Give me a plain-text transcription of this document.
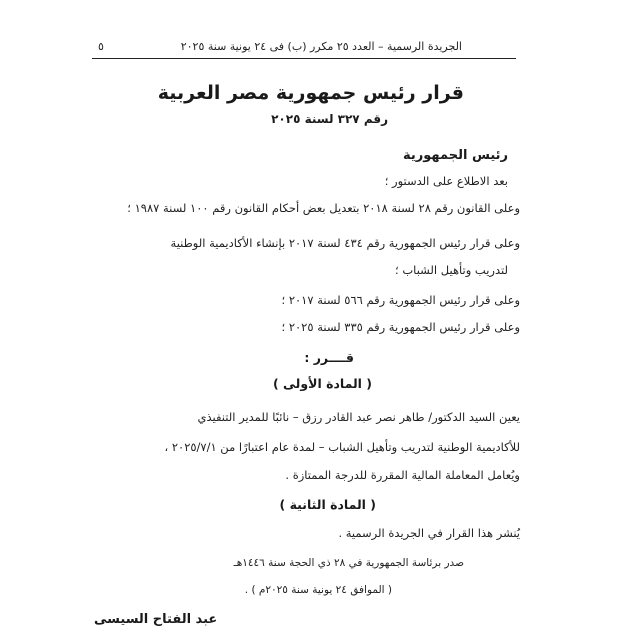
الجريدة الرسمية – العدد ٢٥ مكرر (ب) فى ٢٤ يونية سنة ٢٠٢٥
٥
قرار رئيس جمهورية مصر العربية
رقم ٣٢٧ لسنة ٢٠٢٥
رئيس الجمهورية
بعد الاطلاع على الدستور ؛
وعلى القانون رقم ٢٨ لسنة ٢٠١٨ بتعديل بعض أحكام القانون رقم ١٠٠ لسنة ١٩٨٧ ؛
وعلى قرار رئيس الجمهورية رقم ٤٣٤ لسنة ٢٠١٧ بإنشاء الأكاديمية الوطنية
لتدريب وتأهيل الشباب ؛
وعلى قرار رئيس الجمهورية رقم ٥٦٦ لسنة ٢٠١٧ ؛
وعلى قرار رئيس الجمهورية رقم ٣٣٥ لسنة ٢٠٢٥ ؛
قــــرر :
( المادة الأولى )
يعين السيد الدكتور/ طاهر نصر عبد القادر رزق – نائبًا للمدير التنفيذي
للأكاديمية الوطنية لتدريب وتأهيل الشباب – لمدة عام اعتبارًا من ٢٠٢٥/٧/١ ،
ويُعامل المعاملة المالية المقررة للدرجة الممتازة .
( المادة الثانية )
يُنشر هذا القرار في الجريدة الرسمية .
صدر برئاسة الجمهورية في ٢٨ ذي الحجة سنة ١٤٤٦هـ
( الموافق ٢٤ يونية سنة ٢٠٢٥م ) .
عبد الفتاح السيسى
